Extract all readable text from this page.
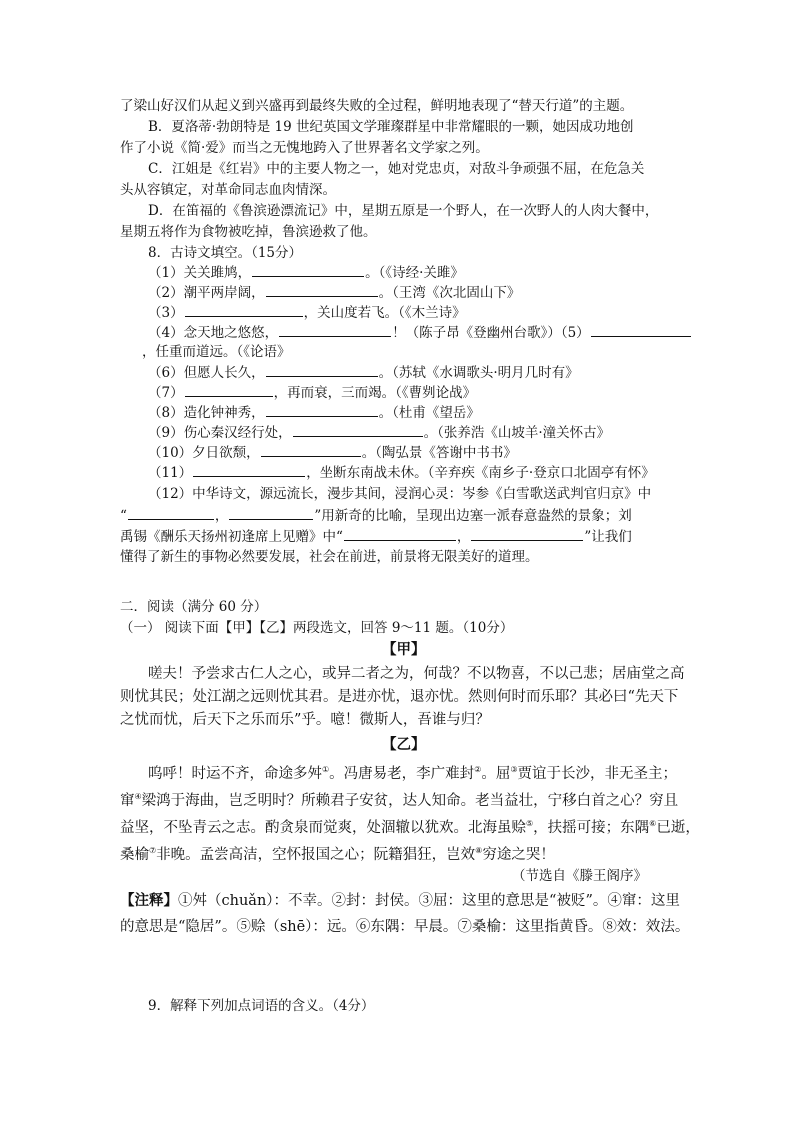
了梁山好汉们从起义到兴盛再到最终失败的全过程，鲜明地表现了“替天行道”的主题。
B．夏洛蒂·勃朗特是 19 世纪英国文学璀璨群星中非常耀眼的一颗，她因成功地创
作了小说《简·爱》而当之无愧地跨入了世界著名文学家之列。
C．江姐是《红岩》中的主要人物之一，她对党忠贞，对敌斗争顽强不屈，在危急关
头从容镇定，对革命同志血肉情深。
D．在笛福的《鲁滨逊漂流记》中，星期五原是一个野人，在一次野人的人肉大餐中，
星期五将作为食物被吃掉，鲁滨逊救了他。
8．古诗文填空。（15分）
（1）关关雎鸠，	。（《诗经·关雎》
（2）潮平两岸阔，	。（王湾《次北固山下》
（3）	，关山度若飞。（《木兰诗》
（4）念天地之悠悠，	！（陈子昂《登幽州台歌》）（5）
，任重而道远。（《论语》
（6）但愿人长久，	。（苏轼《水调歌头·明月几时有》
（7）	，再而衰，三而竭。（《曹刿论战》
（8）造化钟神秀，	。（杜甫《望岳》
（9）伤心秦汉经行处，	。（张养浩《山坡羊·潼关怀古》
（10）夕日欲颓，	。（陶弘景《答谢中书书》
（11）	，坐断东南战未休。（辛弃疾《南乡子·登京口北固亭有怀》
（12）中华诗文，源远流长，漫步其间，浸润心灵：岑参《白雪歌送武判官归京》中
“	，	”用新奇的比喻，呈现出边塞一派春意盎然的景象；刘
禹锡《酬乐天扬州初逢席上见赠》中“	，	”让我们
懂得了新生的事物必然要发展，社会在前进，前景将无限美好的道理。
二．阅读（满分 60 分）
（一） 阅读下面【甲】【乙】两段选文，回答 9～11 题。（10分）
【甲】
嗟夫！予尝求古仁人之心，或异二者之为，何哉？不以物喜，不以己悲；居庙堂之高
则忧其民；处江湖之远则忧其君。是进亦忧，退亦忧。然则何时而乐耶？其必曰“先天下
之忧而忧，后天下之乐而乐”乎。噫！微斯人，吾谁与归？
【乙】
呜呼！时运不齐，命途多舛①。冯唐易老，李广难封②。屈③贾谊于长沙，非无圣主；
窜④梁鸿于海曲，岂乏明时？所赖君子安贫，达人知命。老当益壮，宁移白首之心？穷且
益坚，不坠青云之志。酌贪泉而觉爽，处涸辙以犹欢。北海虽赊⑤，扶摇可接；东隅⑥已逝，
桑榆⑦非晚。孟尝高洁，空怀报国之心；阮籍猖狂，岂效⑧穷途之哭！
（节选自《滕王阁序》
【注释】①舛（chuǎn）：不幸。②封：封侯。③屈：这里的意思是“被贬”。④窜：这里
的意思是“隐居”。⑤赊（shē）：远。⑥东隅：早晨。⑦桑榆：这里指黄昏。⑧效：效法。
9．解释下列加点词语的含义。（4分）
